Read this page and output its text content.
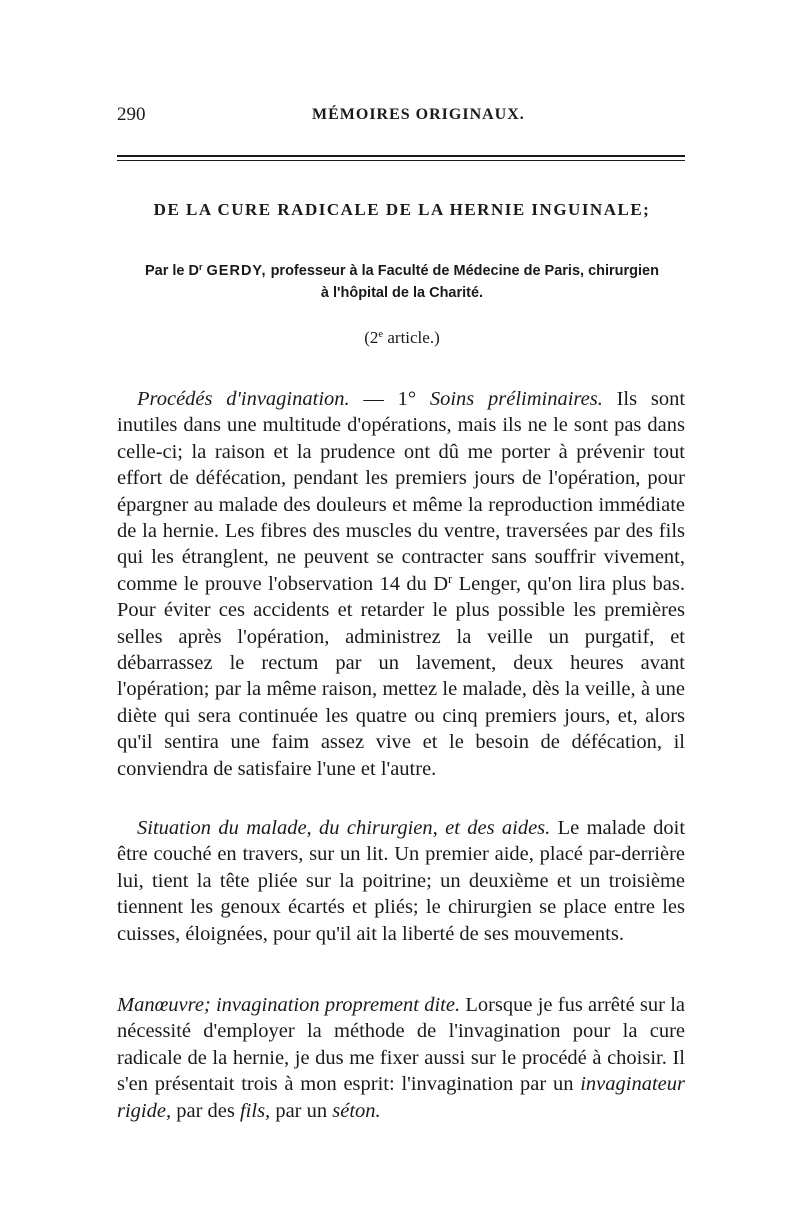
290	MÉMOIRES ORIGINAUX.
DE LA CURE RADICALE DE LA HERNIE INGUINALE;

Par le $D^r$ GERDY, professeur à la Faculté de Médecine de Paris, chirurgien
à l'hôpital de la Charité.

(2e article.)

Procédés d'invagination. — 1° Soins préliminaires. Ils sont inutiles dans une multitude d'opérations, mais ils ne le sont pas dans celle-ci; la raison et la prudence ont dû me porter à prévenir tout effort de défécation, pendant les premiers jours de l'opération, pour épargner au malade des douleurs et même la reproduction immédiate de la hernie. Les fibres des muscles du ventre, traversées par des fils qui les étranglent, ne peuvent se contracter sans souffrir vivement, comme le prouve l'observation 14 du $D^r$ Lenger, qu'on lira plus bas. Pour éviter ces accidents et retarder le plus possible les premières selles après l'opération, administrez la veille un purgatif, et débarrassez le rectum par un lavement, deux heures avant l'opération; par la même raison, mettez le malade, dès la veille, à une diète qui sera continuée les quatre ou cinq premiers jours, et, alors qu'il sentira une faim assez vive et le besoin de défécation, il conviendra de satisfaire l'une et l'autre.

Situation du malade, du chirurgien, et des aides. Le malade doit être couché en travers, sur un lit. Un premier aide, placé par-derrière lui, tient la tête pliée sur la poitrine; un deuxième et un troisième tiennent les genoux écartés et pliés; le chirurgien se place entre les cuisses, éloignées, pour qu'il ait la liberté de ses mouvements.

Manœuvre; invagination proprement dite. Lorsque je fus arrêté sur la nécessité d'employer la méthode de l'invagination pour la cure radicale de la hernie, je dus me fixer aussi sur le procédé à choisir. Il s'en présentait trois à mon esprit: l'invagination par un invaginateur rigide, par des fils, par un séton.
